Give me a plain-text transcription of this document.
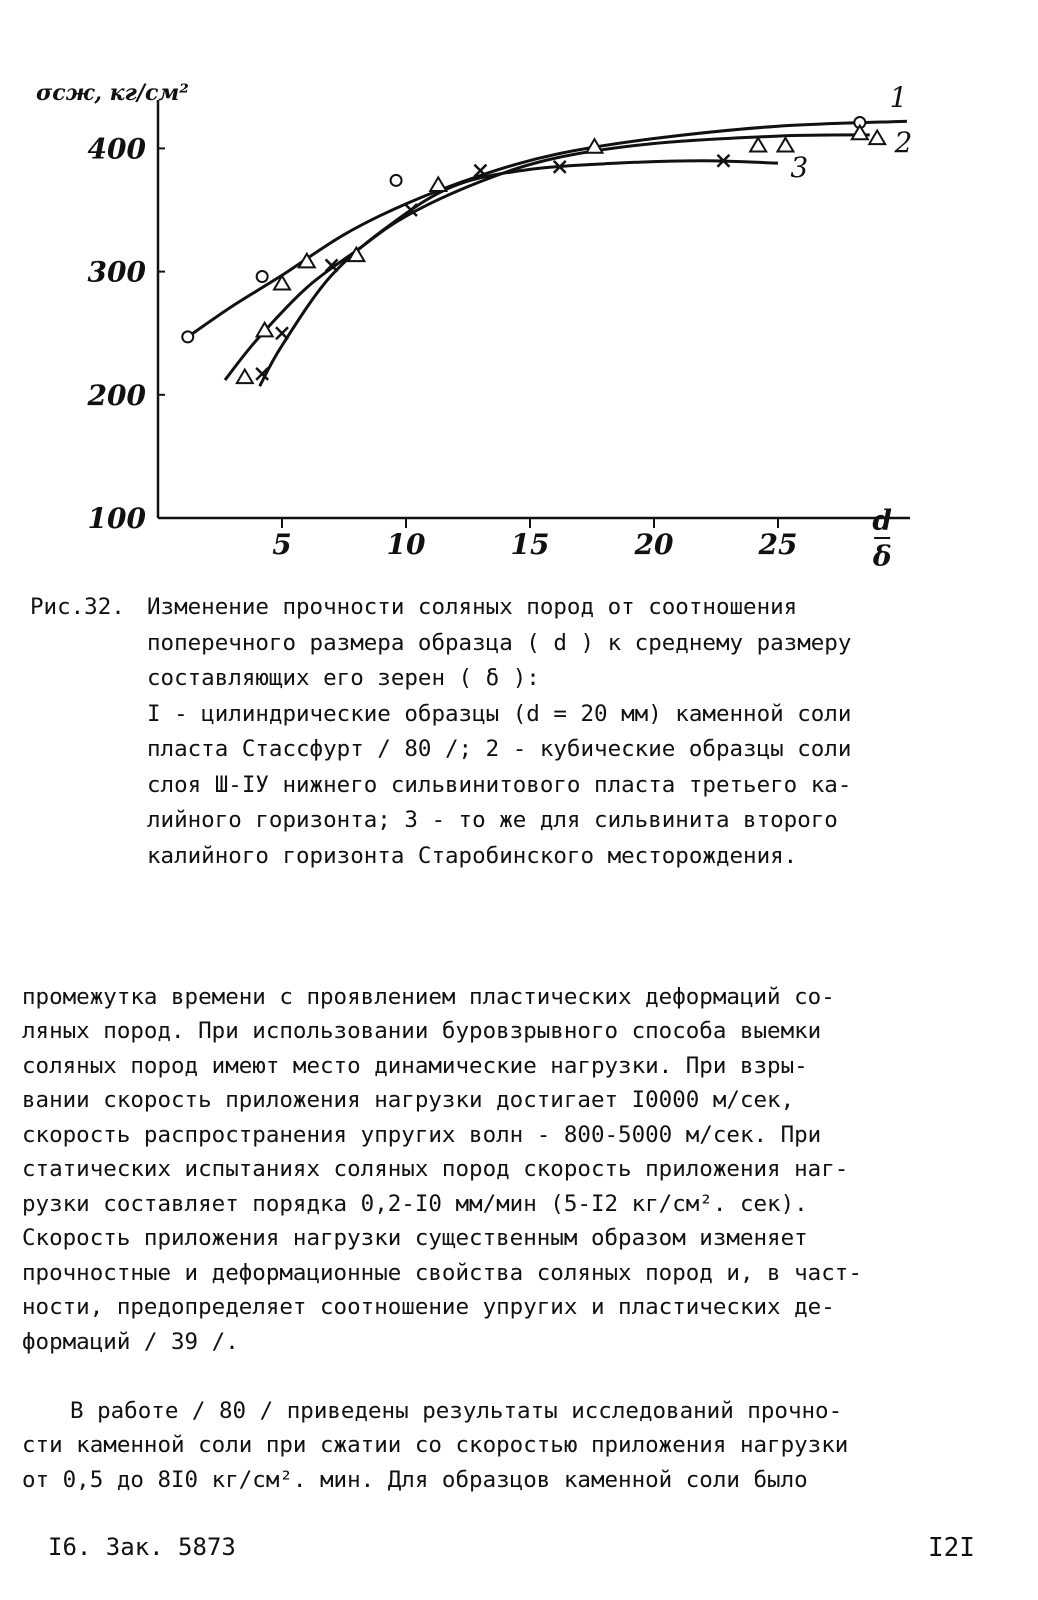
100
200
300
400
5	10	15	20	25
σсж, кг/см²
d
δ
1
2
3
Рис.32. Изменение прочности соляных пород от соотношения
поперечного размера образца ( d ) к среднему размеру
составляющих его зерен ( δ ):
I - цилиндрические образцы (d = 20 мм) каменной соли
пласта Стассфурт / 80 /; 2 - кубические образцы соли
слоя Ш-IУ нижнего сильвинитового пласта третьего ка-
лийного горизонта; 3 - то же для сильвинита второго
калийного горизонта Старобинского месторождения.

промежутка времени с проявлением пластических деформаций со-
ляных пород. При использовании буровзрывного способа выемки
соляных пород имеют место динамические нагрузки. При взры-
вании скорость приложения нагрузки достигает I0000 м/сек,
скорость распространения упругих волн - 800-5000 м/сек. При
статических испытаниях соляных пород скорость приложения наг-
рузки составляет порядка 0,2-I0 мм/мин (5-I2 кг/см². сек).
Скорость приложения нагрузки существенным образом изменяет
прочностные и деформационные свойства соляных пород и, в част-
ности, предопределяет соотношение упругих и пластических де-
формаций / 39 /.

В работе / 80 / приведены результаты исследований прочно-
сти каменной соли при сжатии со скоростью приложения нагрузки
от 0,5 до 8I0 кг/см². мин. Для образцов каменной соли было

I6. Зак. 5873	I2I
